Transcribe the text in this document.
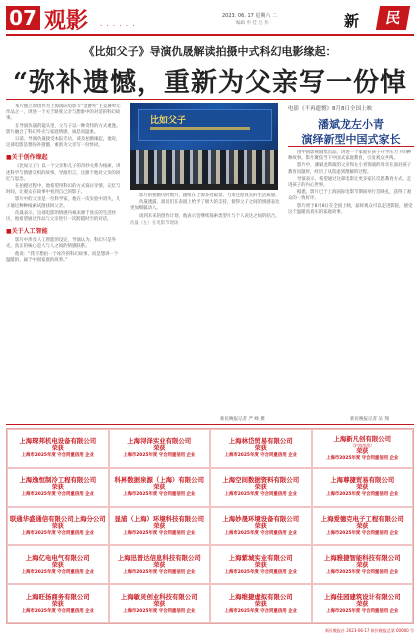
07 观影 · · · · · ·
2023. 06. 17 星期六 二
编辑 申 佳 吕 作	新	民
《比如父子》导演仇晟解读拍摄中式科幻电影缘起：
“弥补遗憾，重新为父亲写一份悼

本片独立原创作为上海国际电影节“金爵奖”主竞赛单元作品之一，讲述一个关于缺席父亲与想象中的对话的科幻故事。

在导演仇晟的镜头里，父与子以一种奇特的方式重逢。影片融合了科幻外壳与家庭情感，诚恳而温柔。

日前，导演仇晟接受本报专访，谈及拍摄缘起，他说，这部电影是想弥补遗憾，重新为父亲写一份悼词。

■关于创作缘起

《比如父子》以一个父亲和儿子的奇妙关系为线索，讲述科学与情感交织的故事。导演坦言，这源于他对父亲的回忆与思念。

在拍摄过程中，他希望用科幻的方式探讨亲情、记忆与时间，让观众在故事中看到自己的影子。

影片中的父亲是一位科学家，他在一次实验中消失，儿子通过种种线索试图找回父亲。

仇晟表示，这部电影的情感内核来源于真实的生活经历，他希望通过作品与父亲进行一次跨越时空的对话。

■关于人工智能

影片中涉及人工智能的设定，导演认为，科幻只是外壳，真正的核心是人与人之间的情感联系。

他说：“我不想拍一个冰冷的科幻故事，而是想讲一个温暖的、属于中国家庭的故事。”

比如父子

影片的拍摄历时数月，剧组在上海多处取景，力求还原真实的生活质感。

仇晟透露，演员们在表演上给予了极大的支持，使得父子之间的情感表达更加细腻动人。

谈到未来的创作计划，他表示会继续探索类型片与个人表达之间的结合。

仇晟（左）在电影节现场

新民晚报记者 严 峰 摄
电影《不再遗憾》8月8日全国上映
潘斌龙左小青
演绎新型中国式家长

由中国影视剧集出品，讲述一个家庭在孩子升学压力下的种种故事。影片聚焦当下中国式家庭教育，引发观众共鸣。

影片中，潘斌龙饰演的父亲和左小青饰演的母亲在面对孩子教育问题时，经历了从焦虑到理解的过程。

导演表示，希望通过这部电影让更多家长反思教育方式，走进孩子的内心世界。

据悉，影片已于上海国际电影节期间举行首映礼，获得了观众的一致好评。

影片将于8月8日在全国上映，届时观众可以走进影院，感受这个温暖而真实的家庭故事。

新民晚报记者 吴 翔
上海琛邦机电设备有限公司
荣获
上海市2025年度 守合同重信用 企业
上海浔泽实业有限公司
荣获
上海市2025年度 守合同重信用 企业
上海林岱贸易有限公司
荣获
上海市2025年度 守合同重信用 企业
上海新凡创有限公司
（沪海滨滨）
荣获
上海市2025年度 守合同重信用 企业
上海逸恒制冷工程有限公司
荣获
上海市2025年度 守合同重信用 企业
科昇数据泉源（上海）有限公司
荣获
上海市2025年度 守合同重信用 企业
上海空间数据资料有限公司
荣获
上海市2025年度 守合同重信用 企业
上海尊捷贸易有限公司
荣获
上海市2025年度 守合同重信用 企业
联通华盛通信有限公司上海分公司
荣获
上海市2025年度 守合同重信用 企业
显浦（上海）环境科技有限公司
荣获
上海市2025年度 守合同重信用 企业
上海妙晟环境设备有限公司
荣获
上海市2025年度 守合同重信用 企业
上海爱德克电子工程有限公司
荣获
上海市2025年度 守合同重信用 企业
上海亿电电气有限公司
荣获
上海市2025年度 守合同重信用 企业
上海迅普达信息科技有限公司
荣获
上海市2025年度 守合同重信用 企业
上海紫城实业有限公司
荣获
上海市2025年度 守合同重信用 企业
上海雅捷智能科技有限公司
荣获
上海市2025年度 守合同重信用 企业
上海旺扬商务有限公司
荣获
上海市2025年度 守合同重信用 企业
上海敏灵创业科技有限公司
荣获
上海市2025年度 守合同重信用 企业
上海维捷虚拟有限公司
荣获
上海市2025年度 守合同重信用 企业
上海佳园建筑设计有限公司
荣获
上海市2025年度 守合同重信用 企业
新民晚报社 2023-06-17 新民晚报总第 00000 号
